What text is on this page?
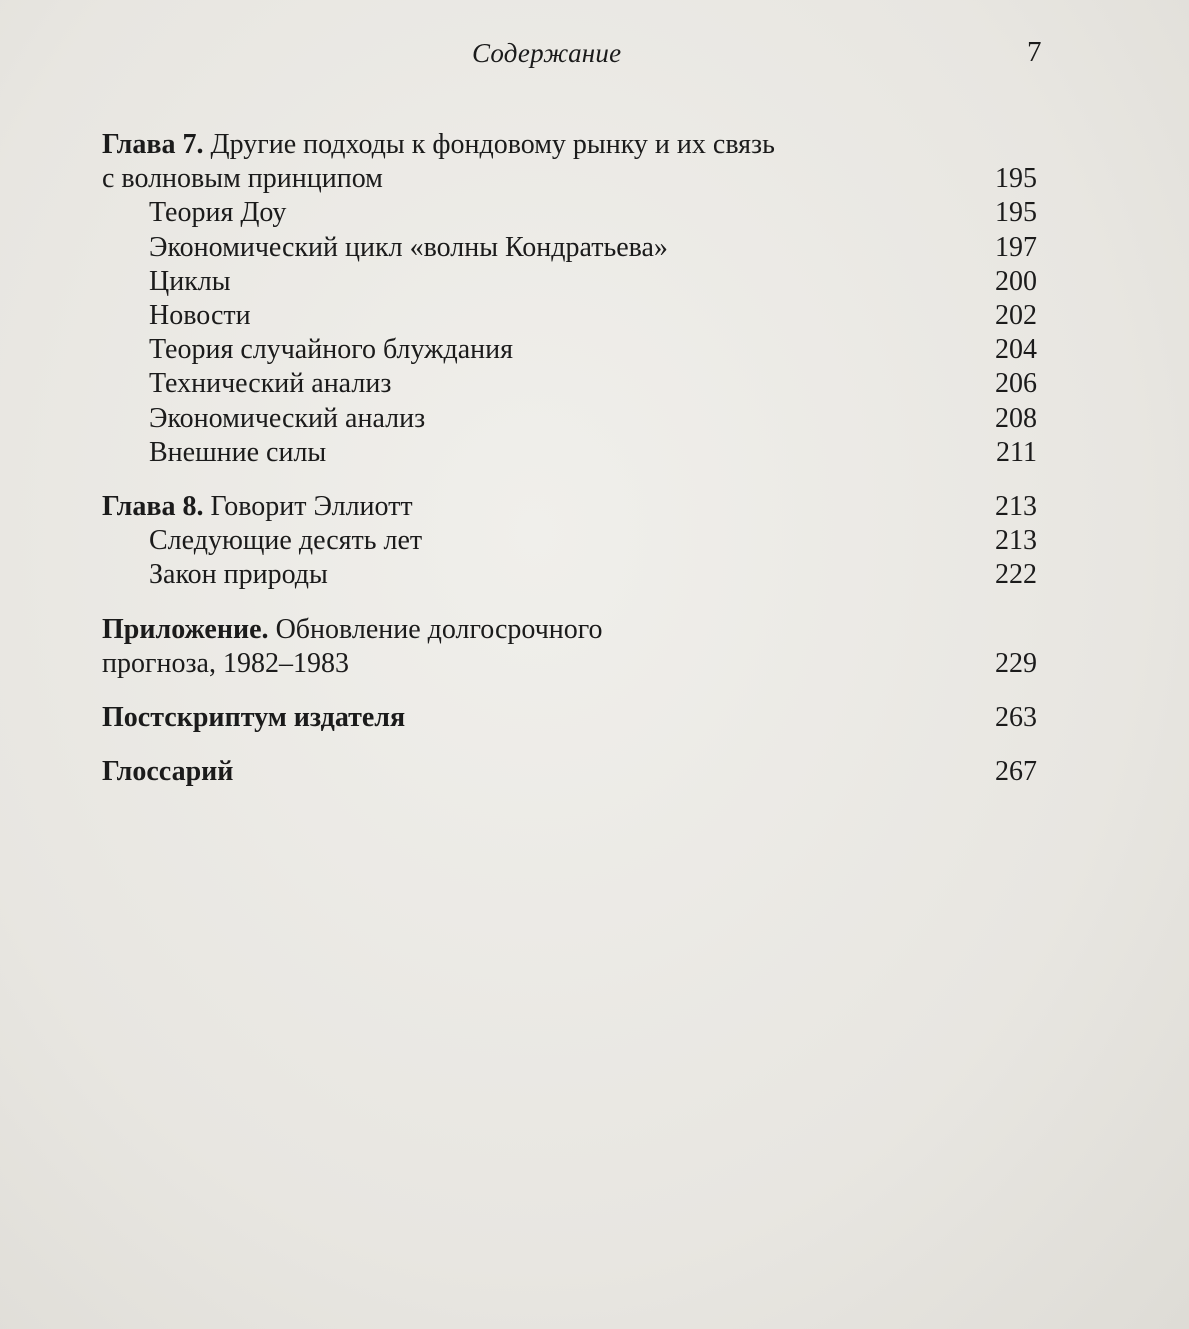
Содержание	7
Глава 7. Другие подходы к фондовому рынку и их связь
с волновым принципом	195
Теория Доу	195
Экономический цикл «волны Кондратьева»	197
Циклы	200
Новости	202
Теория случайного блуждания	204
Технический анализ	206
Экономический анализ	208
Внешние силы	211
Глава 8. Говорит Эллиотт	213
Следующие десять лет	213
Закон природы	222
Приложение. Обновление долгосрочного
прогноза, 1982–1983	229
Постскриптум издателя	263
Глоссарий	267
